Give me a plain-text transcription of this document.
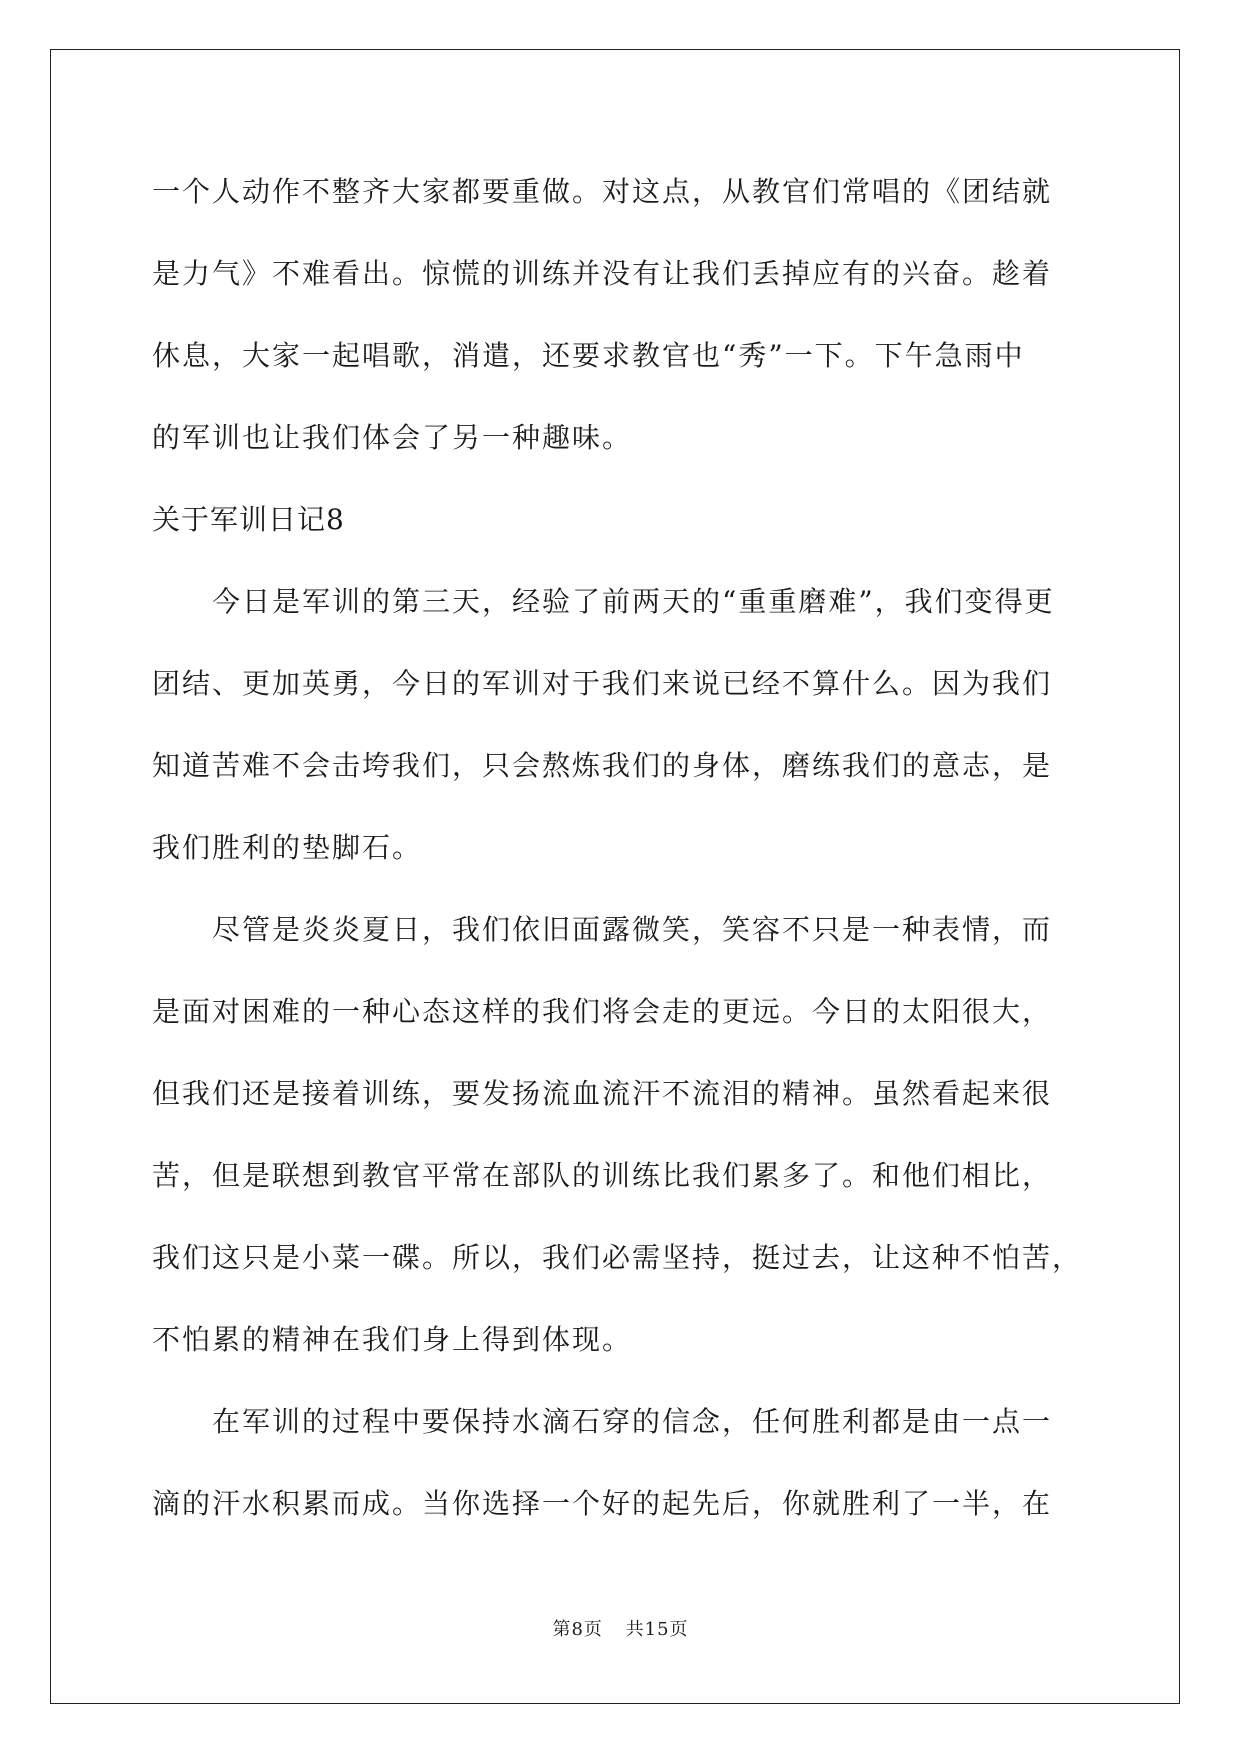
一个人动作不整齐大家都要重做。对这点，从教官们常唱的《团结就
是力气》不难看出。惊慌的训练并没有让我们丢掉应有的兴奋。趁着
休息，大家一起唱歌，消遣，还要求教官也“秀”一下。下午急雨中
的军训也让我们体会了另一种趣味。
关于军训日记8
　　今日是军训的第三天，经验了前两天的“重重磨难”，我们变得更
团结、更加英勇，今日的军训对于我们来说已经不算什么。因为我们
知道苦难不会击垮我们，只会熬炼我们的身体，磨练我们的意志，是
我们胜利的垫脚石。
　　尽管是炎炎夏日，我们依旧面露微笑，笑容不只是一种表情，而
是面对困难的一种心态这样的我们将会走的更远。今日的太阳很大，
但我们还是接着训练，要发扬流血流汗不流泪的精神。虽然看起来很
苦，但是联想到教官平常在部队的训练比我们累多了。和他们相比，
我们这只是小菜一碟。所以，我们必需坚持，挺过去，让这种不怕苦，
不怕累的精神在我们身上得到体现。
　　在军训的过程中要保持水滴石穿的信念，任何胜利都是由一点一
滴的汗水积累而成。当你选择一个好的起先后，你就胜利了一半，在
第8页 共15页
